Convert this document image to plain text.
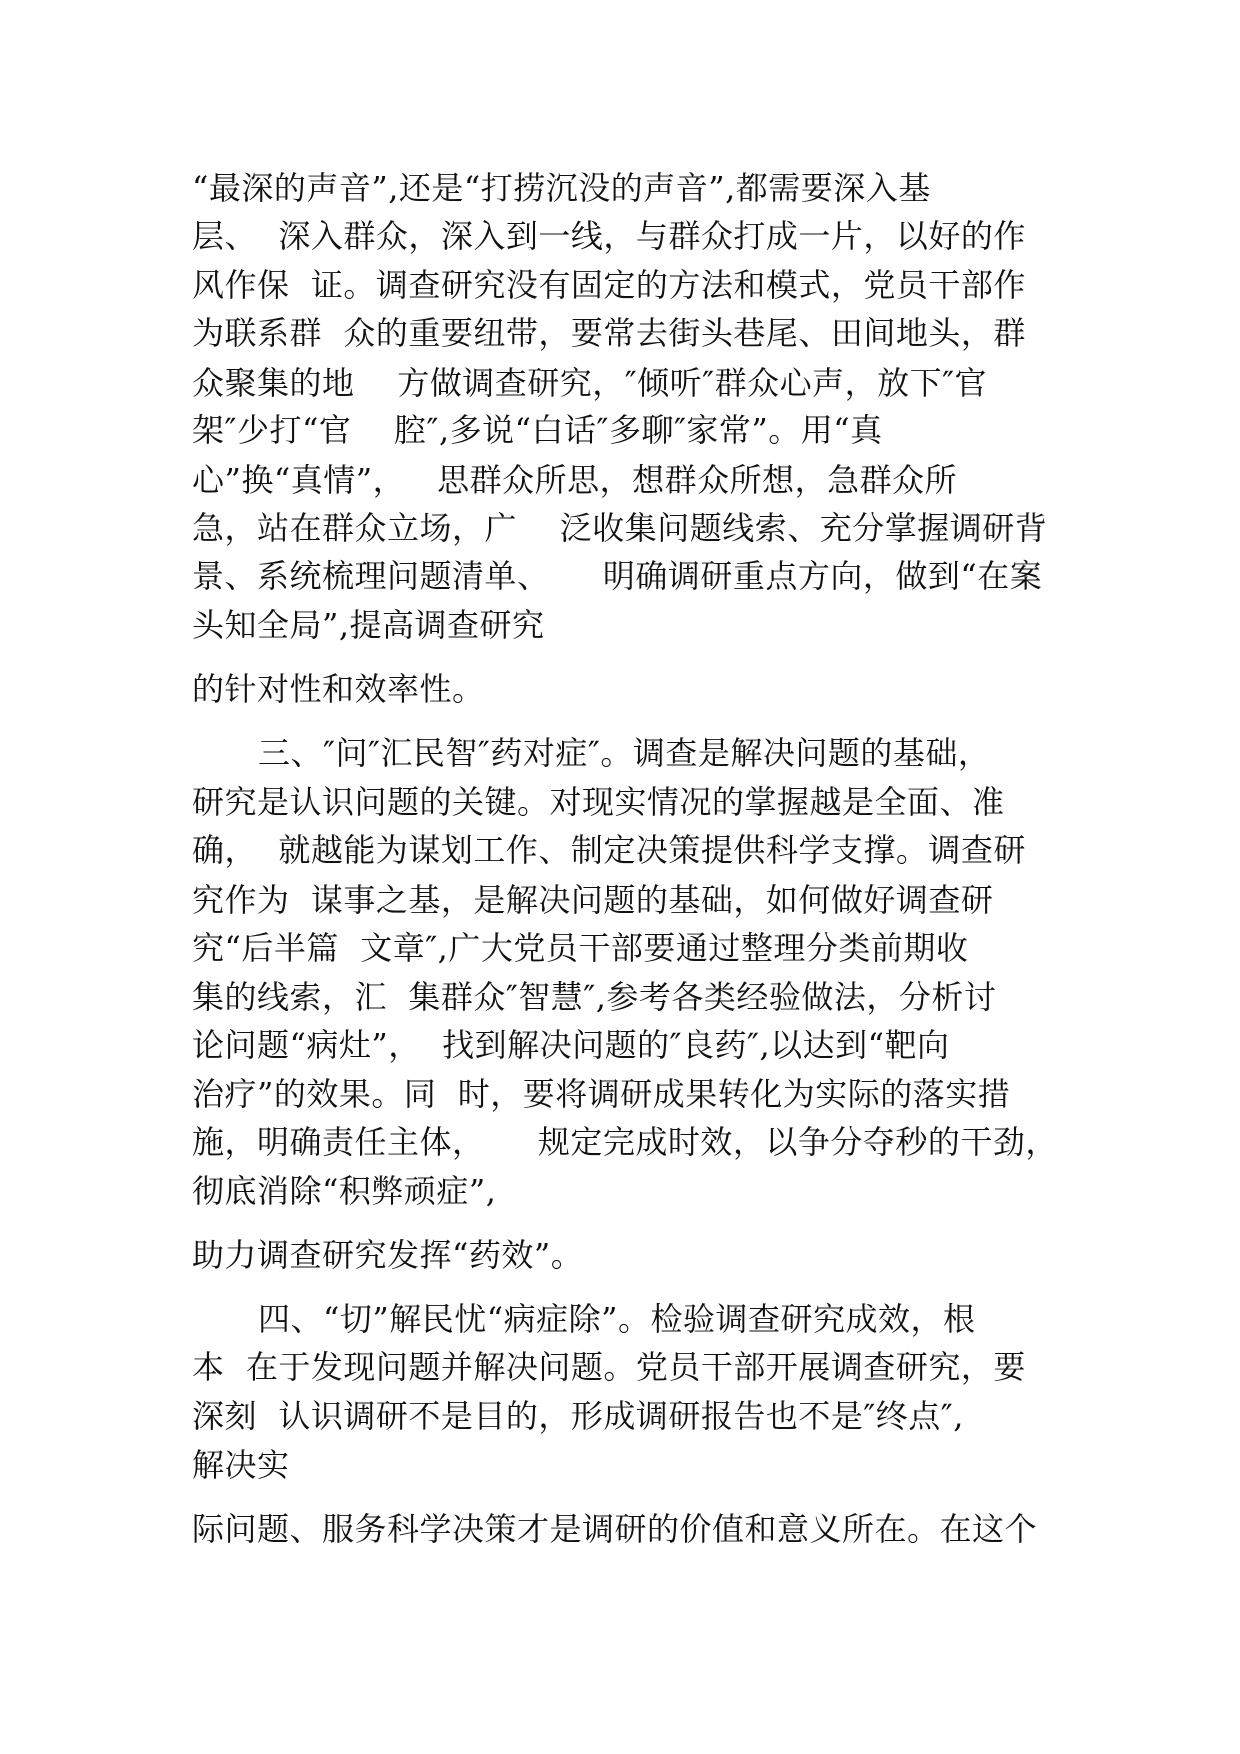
“最深的声音”,还是“打捞沉没的声音”,都需要深入基
层、  深入群众，深入到一线，与群众打成一片，以好的作
风作保  证。调查研究没有固定的方法和模式，党员干部作
为联系群  众的重要纽带，要常去街头巷尾、田间地头，群
众聚集的地    方做调查研究，″倾听″群众心声，放下″官
架″少打“官    腔″,多说“白话″多聊″家常”。用“真
心”换“真情”，   思群众所思，想群众所想，急群众所
急，站在群众立场，广    泛收集问题线索、充分掌握调研背
景、系统梳理问题清单、     明确调研重点方向，做到“在案
头知全局”,提高调查研究
的针对性和效率性。
三、″问″汇民智″药对症″。调查是解决问题的基础，
研究是认识问题的关键。对现实情况的掌握越是全面、准
确，  就越能为谋划工作、制定决策提供科学支撑。调查研
究作为  谋事之基，是解决问题的基础，如何做好调查研
究“后半篇  文章″,广大党员干部要通过整理分类前期收
集的线索，汇  集群众″智慧″,参考各类经验做法，分析讨
论问题“病灶”，  找到解决问题的″良药″,以达到“靶向
治疗”的效果。同  时，要将调研成果转化为实际的落实措
施，明确责任主体，     规定完成时效，以争分夺秒的干劲，
彻底消除“积弊顽症”,
助力调查研究发挥“药效”。
四、“切”解民忧“病症除”。检验调查研究成效，根
本  在于发现问题并解决问题。党员干部开展调查研究，要
深刻  认识调研不是目的，形成调研报告也不是″终点″,
解决实
际问题、服务科学决策才是调研的价值和意义所在。在这个
